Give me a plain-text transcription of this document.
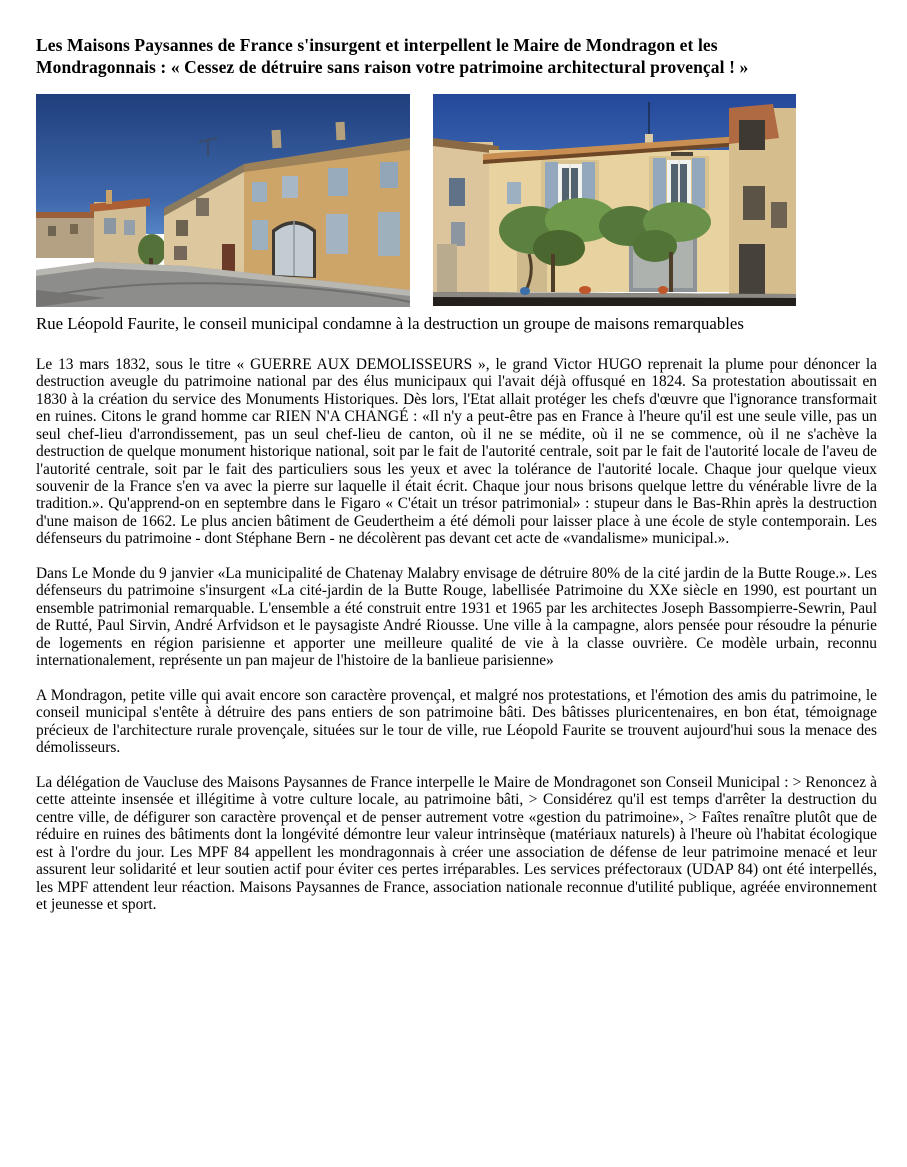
Les Maisons Paysannes de France s'insurgent et interpellent le Maire de Mondragon et les
Mondragonnais : « Cessez de détruire sans raison votre patrimoine architectural provençal ! »

Rue Léopold Faurite, le conseil municipal condamne à la destruction un groupe de maisons remarquables

Le 13 mars 1832, sous le titre « GUERRE AUX DEMOLISSEURS », le grand Victor HUGO reprenait la plume pour dénoncer la destruction aveugle du patrimoine national par des élus municipaux qui l'avait déjà offusqué en 1824. Sa protestation aboutissait en 1830 à la création du service des Monuments Historiques. Dès lors, l'Etat allait protéger les chefs d'œuvre que l'ignorance transformait en ruines. Citons le grand homme car RIEN N'A CHANGÉ : «Il n'y a peut-être pas en France à l'heure qu'il est une seule ville, pas un seul chef-lieu d'arrondissement, pas un seul chef-lieu de canton, où il ne se médite, où il ne se commence, où il ne s'achève la destruction de quelque monument historique national, soit par le fait de l'autorité centrale, soit par le fait de l'autorité locale de l'aveu de l'autorité centrale, soit par le fait des particuliers sous les yeux et avec la tolérance de l'autorité locale. Chaque jour quelque vieux souvenir de la France s'en va avec la pierre sur laquelle il était écrit. Chaque jour nous brisons quelque lettre du vénérable livre de la tradition.». Qu'apprend-on en septembre dans le Figaro « C'était un trésor patrimonial» : stupeur dans le Bas-Rhin après la destruction d'une maison de 1662. Le plus ancien bâtiment de Geudertheim a été démoli pour laisser place à une école de style contemporain. Les défenseurs du patrimoine - dont Stéphane Bern - ne décolèrent pas devant cet acte de «vandalisme» municipal.».

Dans Le Monde du 9 janvier «La municipalité de Chatenay Malabry envisage de détruire 80% de la cité jardin de la Butte Rouge.». Les défenseurs du patrimoine s'insurgent «La cité-jardin de la Butte Rouge, labellisée Patrimoine du XXe siècle en 1990, est pourtant un ensemble patrimonial remarquable. L'ensemble a été construit entre 1931 et 1965 par les architectes Joseph Bassompierre-Sewrin, Paul de Rutté, Paul Sirvin, André Arfvidson et le paysagiste André Riousse. Une ville à la campagne, alors pensée pour résoudre la pénurie de logements en région parisienne et apporter une meilleure qualité de vie à la classe ouvrière. Ce modèle urbain, reconnu internationalement, représente un pan majeur de l'histoire de la banlieue parisienne»

A Mondragon, petite ville qui avait encore son caractère provençal, et malgré nos protestations, et l'émotion des amis du patrimoine, le conseil municipal s'entête à détruire des pans entiers de son patrimoine bâti. Des bâtisses pluricentenaires, en bon état, témoignage précieux de l'architecture rurale provençale, situées sur le tour de ville, rue Léopold Faurite se trouvent aujourd'hui sous la menace des démolisseurs.

La délégation de Vaucluse des Maisons Paysannes de France interpelle le Maire de Mondragonet son Conseil Municipal : > Renoncez à cette atteinte insensée et illégitime à votre culture locale, au patrimoine bâti, > Considérez qu'il est temps d'arrêter la destruction du centre ville, de défigurer son caractère provençal et de penser autrement votre «gestion du patrimoine», > Faîtes renaître plutôt que de réduire en ruines des bâtiments dont la longévité démontre leur valeur intrinsèque (matériaux naturels) à l'heure où l'habitat écologique est à l'ordre du jour. Les MPF 84 appellent les mondragonnais à créer une association de défense de leur patrimoine menacé et leur assurent leur solidarité et leur soutien actif pour éviter ces pertes irréparables. Les services préfectoraux (UDAP 84) ont été interpellés, les MPF attendent leur réaction. Maisons Paysannes de France, association nationale reconnue d'utilité publique, agréée environnement et jeunesse et sport.
